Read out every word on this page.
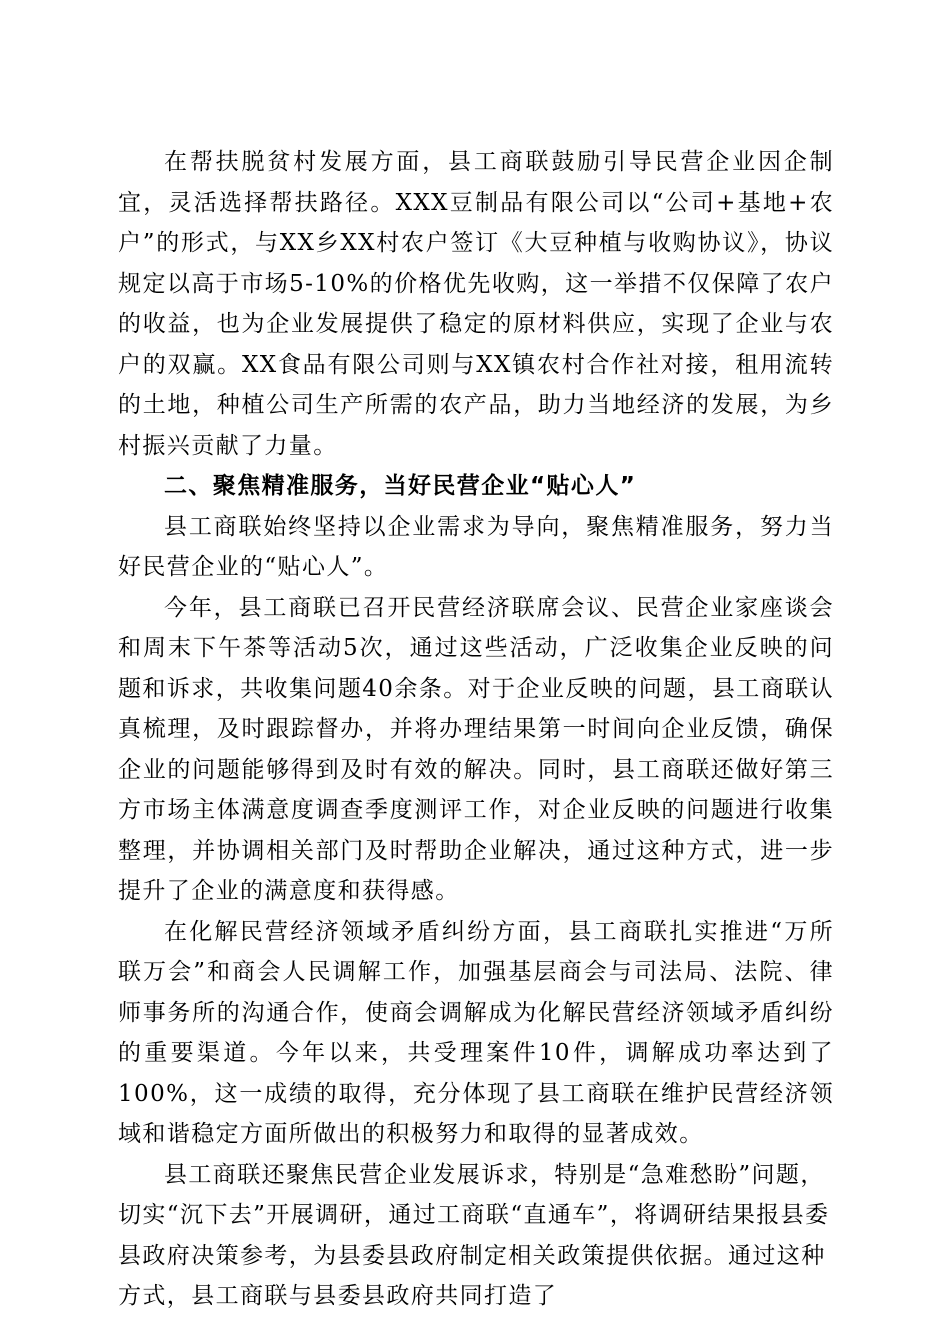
在帮扶脱贫村发展方面，县工商联鼓励引导民营企业因企制宜，灵活选择帮扶路径。XXX豆制品有限公司以“公司+基地+农户”的形式，与XX乡XX村农户签订《大豆种植与收购协议》，协议规定以高于市场5-10%的价格优先收购，这一举措不仅保障了农户的收益，也为企业发展提供了稳定的原材料供应，实现了企业与农户的双赢。XX食品有限公司则与XX镇农村合作社对接，租用流转的土地，种植公司生产所需的农产品，助力当地经济的发展，为乡村振兴贡献了力量。

二、聚焦精准服务，当好民营企业“贴心人”

县工商联始终坚持以企业需求为导向，聚焦精准服务，努力当好民营企业的“贴心人”。

今年，县工商联已召开民营经济联席会议、民营企业家座谈会和周末下午茶等活动5次，通过这些活动，广泛收集企业反映的问题和诉求，共收集问题40余条。对于企业反映的问题，县工商联认真梳理，及时跟踪督办，并将办理结果第一时间向企业反馈，确保企业的问题能够得到及时有效的解决。同时，县工商联还做好第三方市场主体满意度调查季度测评工作，对企业反映的问题进行收集整理，并协调相关部门及时帮助企业解决，通过这种方式，进一步提升了企业的满意度和获得感。

在化解民营经济领域矛盾纠纷方面，县工商联扎实推进“万所联万会”和商会人民调解工作，加强基层商会与司法局、法院、律师事务所的沟通合作，使商会调解成为化解民营经济领域矛盾纠纷的重要渠道。今年以来，共受理案件10件，调解成功率达到了100%，这一成绩的取得，充分体现了县工商联在维护民营经济领域和谐稳定方面所做出的积极努力和取得的显著成效。

县工商联还聚焦民营企业发展诉求，特别是“急难愁盼”问题，切实“沉下去”开展调研，通过工商联“直通车”，将调研结果报县委县政府决策参考，为县委县政府制定相关政策提供依据。通过这种方式，县工商联与县委县政府共同打造了
